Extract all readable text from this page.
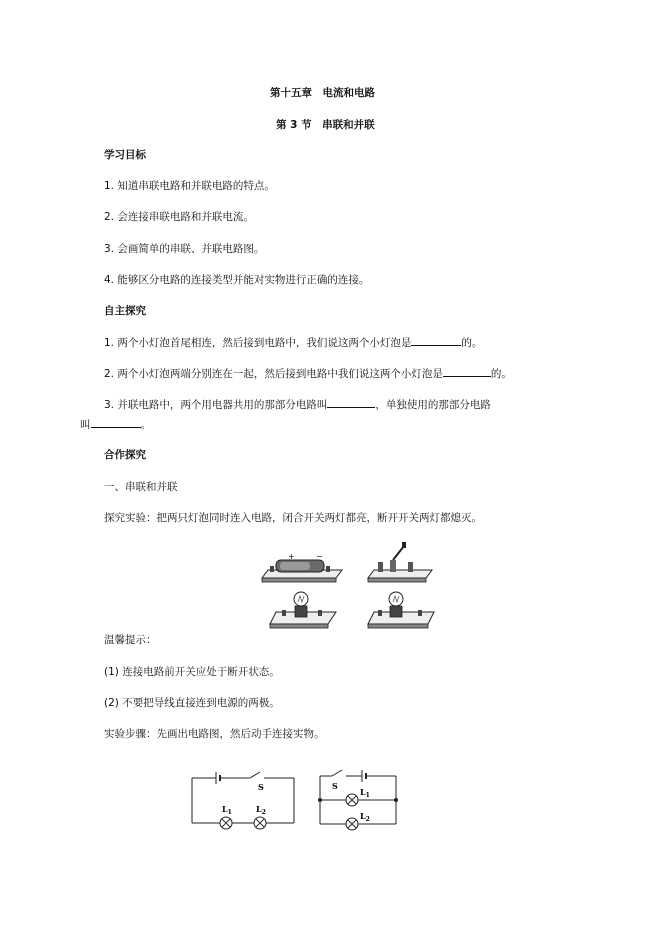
第十五章　电流和电路
第 3 节　串联和并联
学习目标
1. 知道串联电路和并联电路的特点。
2. 会连接串联电路和并联电流。
3. 会画简单的串联、并联电路图。
4. 能够区分电路的连接类型并能对实物进行正确的连接。
自主探究
1. 两个小灯泡首尾相连，然后接到电路中，我们说这两个小灯泡是	的。
2. 两个小灯泡两端分别连在一起，然后接到电路中我们说这两个小灯泡是	的。
3. 并联电路中，两个用电器共用的那部分电路叫	，单独使用的那部分电路
叫	。
合作探究
一、串联和并联
探究实验：把两只灯泡同时连入电路，闭合开关两灯都亮，断开开关两灯都熄灭。
+	−
温馨提示：
(1) 连接电路前开关应处于断开状态。
(2) 不要把导线直接连到电源的两极。
实验步骤：先画出电路图，然后动手连接实物。
S
$L_1$	$L_2$
S
$L_1$
$L_2$
